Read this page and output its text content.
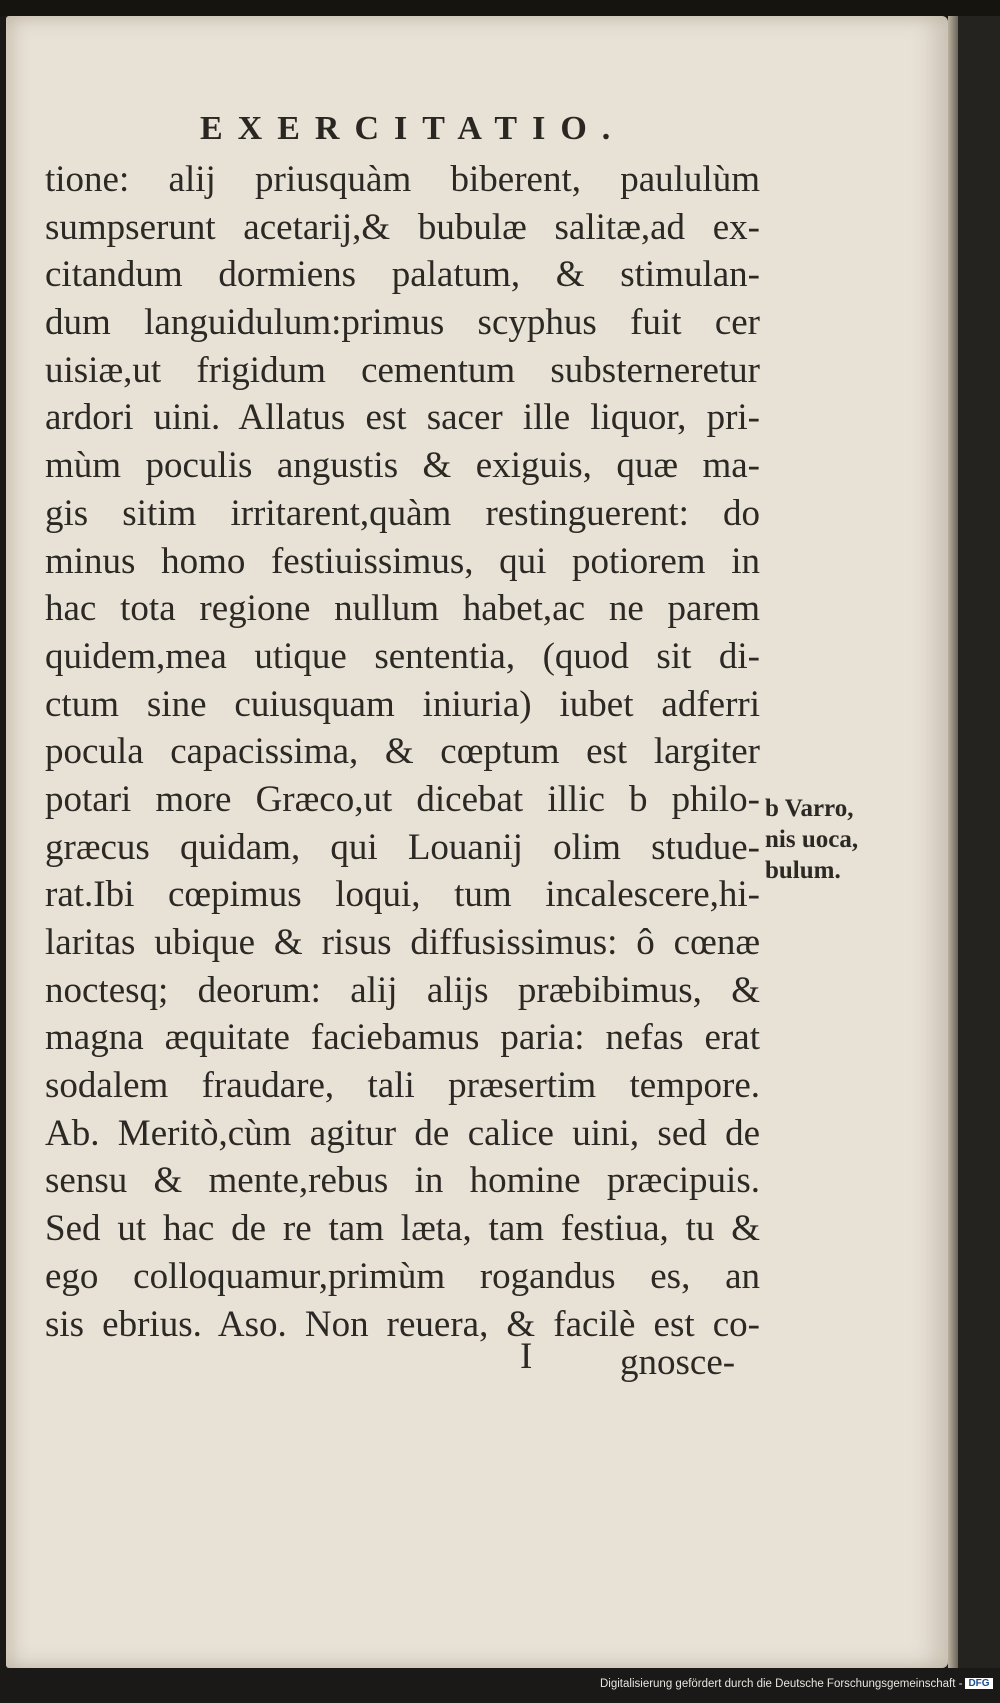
EXERCITATIO.
tione: alij priusquàm biberent, paululùm
sumpserunt acetarij,& bubulæ salitæ,ad ex-
citandum dormiens palatum, & stimulan-
dum languidulum:primus scyphus fuit cer
uisiæ,ut frigidum cementum substerneretur
ardori uini. Allatus est sacer ille liquor, pri-
mùm poculis angustis & exiguis, quæ ma-
gis sitim irritarent,quàm restinguerent: do
minus homo festiuissimus, qui potiorem in
hac tota regione nullum habet,ac ne parem
quidem,mea utique sententia, (quod sit di-
ctum sine cuiusquam iniuria) iubet adferri
pocula capacissima, & cœptum est largiter
potari more Græco,ut dicebat illic b philo-
græcus quidam, qui Louanij olim studue-
rat.Ibi cœpimus loqui, tum incalescere,hi-
laritas ubique & risus diffusissimus: ô cœnæ
noctesq; deorum: alij alijs præbibimus, &
magna æquitate faciebamus paria: nefas erat
sodalem fraudare, tali præsertim tempore.
Ab. Meritò,cùm agitur de calice uini, sed de
sensu & mente,rebus in homine præcipuis.
Sed ut hac de re tam læta, tam festiua, tu &
ego colloquamur,primùm rogandus es, an
sis ebrius. Aso. Non reuera, & facilè est co-
b Varro,
nis uoca,
bulum.
I gnosce-
Digitalisierung gefördert durch die Deutsche Forschungsgemeinschaft - DFG
